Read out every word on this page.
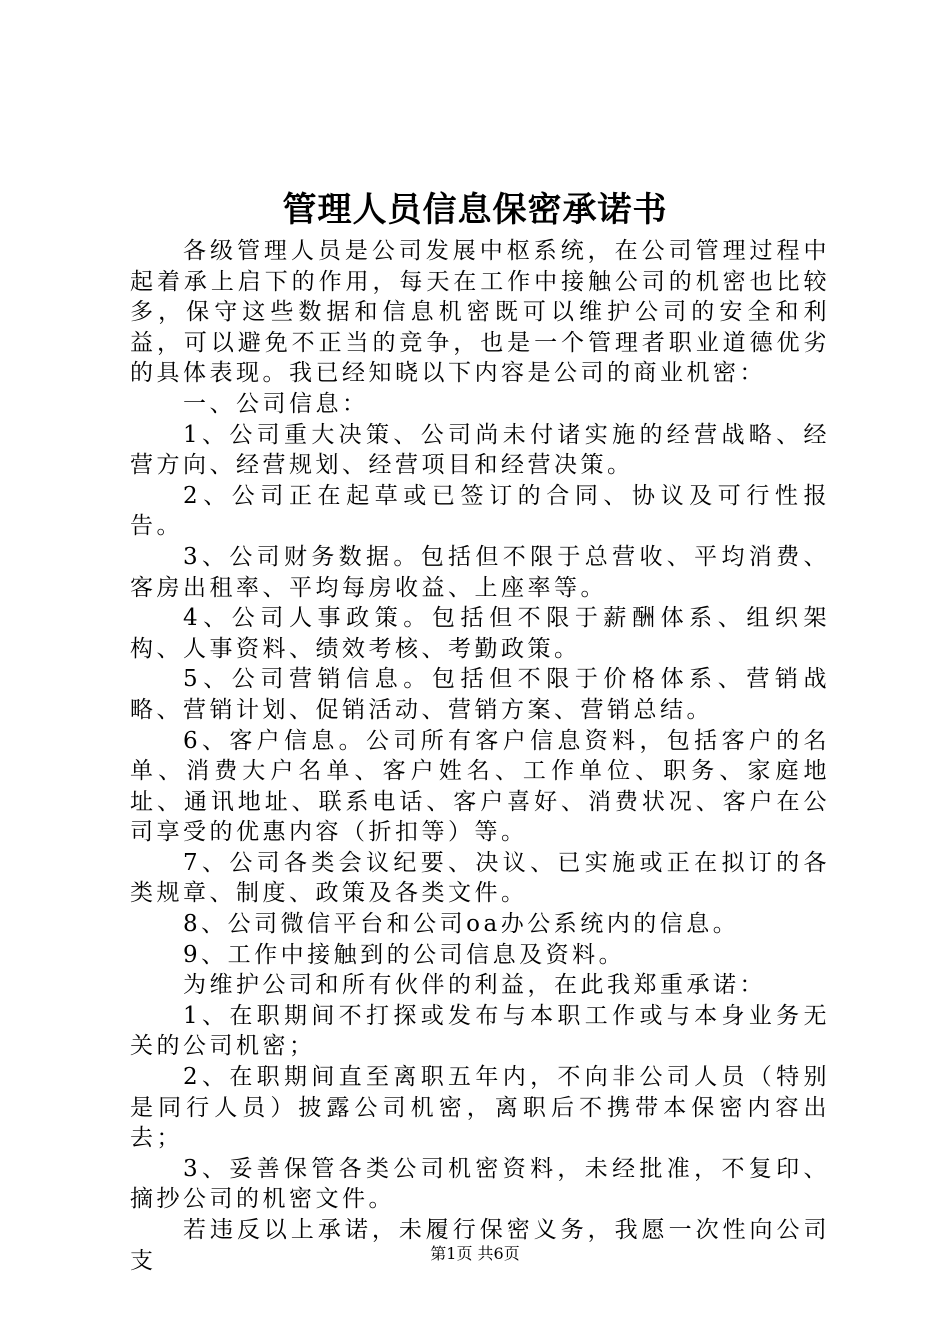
管理人员信息保密承诺书

各级管理人员是公司发展中枢系统，在公司管理过程中起着承上启下的作用，每天在工作中接触公司的机密也比较多，保守这些数据和信息机密既可以维护公司的安全和利益，可以避免不正当的竞争，也是一个管理者职业道德优劣的具体表现。我已经知晓以下内容是公司的商业机密：

一、公司信息：

1、公司重大决策、公司尚未付诸实施的经营战略、经营方向、经营规划、经营项目和经营决策。

2、公司正在起草或已签订的合同、协议及可行性报告。

3、公司财务数据。包括但不限于总营收、平均消费、客房出租率、平均每房收益、上座率等。

4、公司人事政策。包括但不限于薪酬体系、组织架构、人事资料、绩效考核、考勤政策。

5、公司营销信息。包括但不限于价格体系、营销战略、营销计划、促销活动、营销方案、营销总结。

6、客户信息。公司所有客户信息资料，包括客户的名单、消费大户名单、客户姓名、工作单位、职务、家庭地址、通讯地址、联系电话、客户喜好、消费状况、客户在公司享受的优惠内容（折扣等）等。

7、公司各类会议纪要、决议、已实施或正在拟订的各类规章、制度、政策及各类文件。

8、公司微信平台和公司oa办公系统内的信息。

9、工作中接触到的公司信息及资料。

为维护公司和所有伙伴的利益，在此我郑重承诺：

1、在职期间不打探或发布与本职工作或与本身业务无关的公司机密；

2、在职期间直至离职五年内，不向非公司人员（特别是同行人员）披露公司机密，离职后不携带本保密内容出去；

3、妥善保管各类公司机密资料，未经批准，不复印、摘抄公司的机密文件。

若违反以上承诺，未履行保密义务，我愿一次性向公司支	第1页 共6页
